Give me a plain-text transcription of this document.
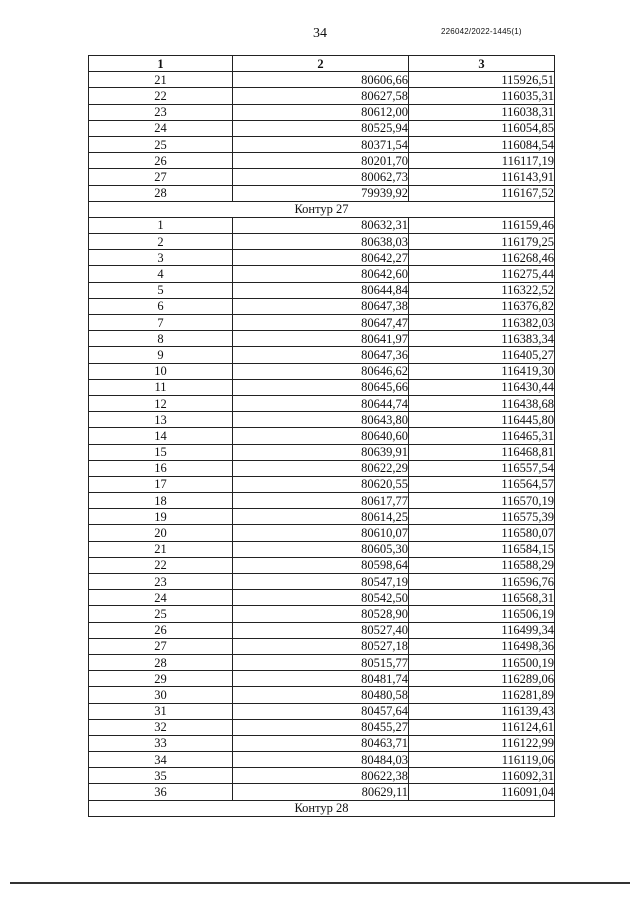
34	226042/2022-1445(1)
1	2	3
21	80606,66	115926,51
22	80627,58	116035,31
23	80612,00	116038,31
24	80525,94	116054,85
25	80371,54	116084,54
26	80201,70	116117,19
27	80062,73	116143,91
28	79939,92	116167,52
Контур 27		
1	80632,31	116159,46
2	80638,03	116179,25
3	80642,27	116268,46
4	80642,60	116275,44
5	80644,84	116322,52
6	80647,38	116376,82
7	80647,47	116382,03
8	80641,97	116383,34
9	80647,36	116405,27
10	80646,62	116419,30
11	80645,66	116430,44
12	80644,74	116438,68
13	80643,80	116445,80
14	80640,60	116465,31
15	80639,91	116468,81
16	80622,29	116557,54
17	80620,55	116564,57
18	80617,77	116570,19
19	80614,25	116575,39
20	80610,07	116580,07
21	80605,30	116584,15
22	80598,64	116588,29
23	80547,19	116596,76
24	80542,50	116568,31
25	80528,90	116506,19
26	80527,40	116499,34
27	80527,18	116498,36
28	80515,77	116500,19
29	80481,74	116289,06
30	80480,58	116281,89
31	80457,64	116139,43
32	80455,27	116124,61
33	80463,71	116122,99
34	80484,03	116119,06
35	80622,38	116092,31
36	80629,11	116091,04
Контур 28		
